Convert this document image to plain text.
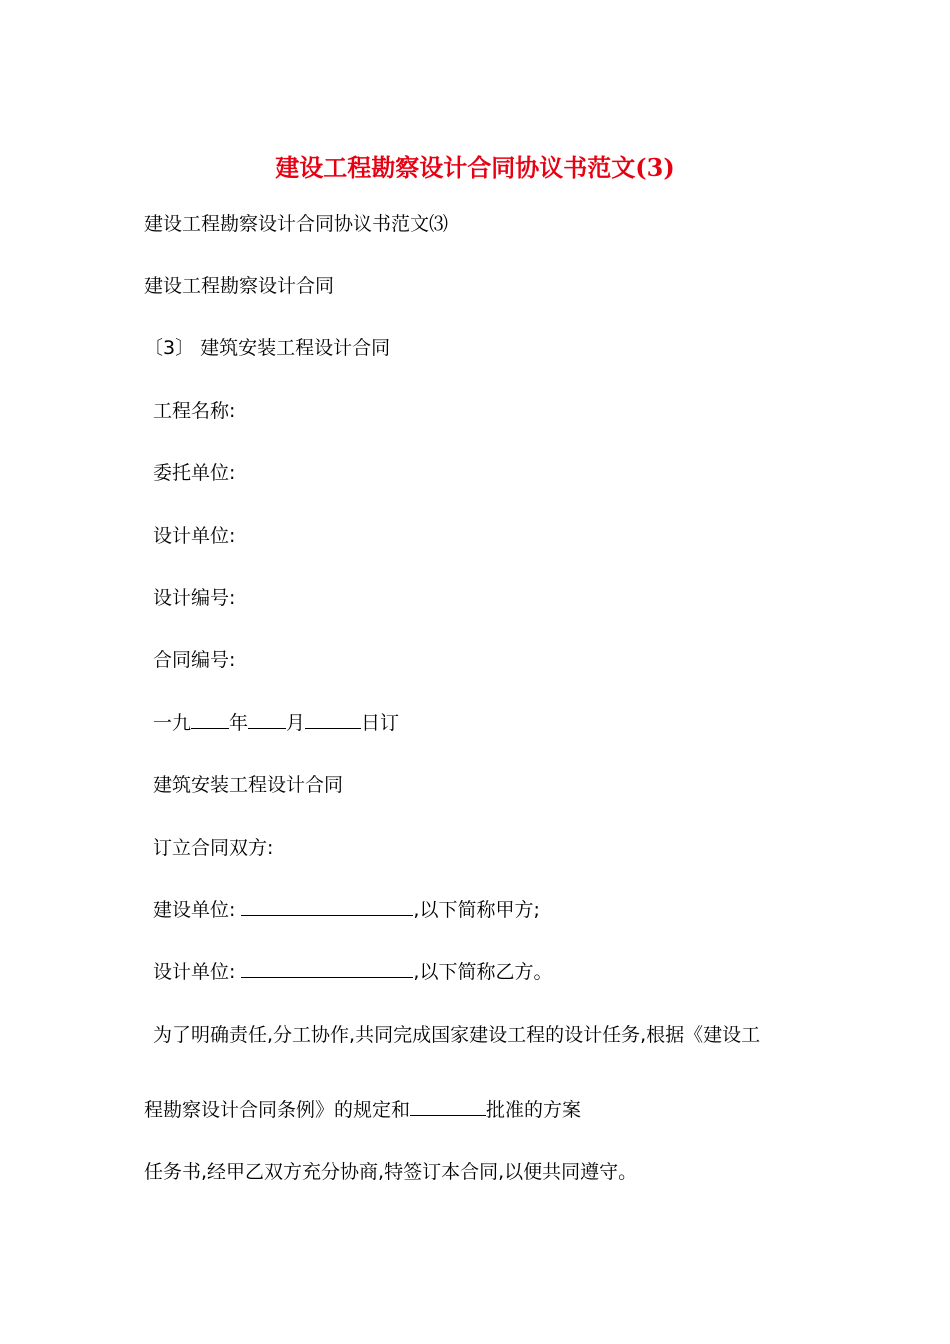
建设工程勘察设计合同协议书范文(3)
建设工程勘察设计合同协议书范文⑶
建设工程勘察设计合同
〔3〕 建筑安装工程设计合同
工程名称:
委托单位:
设计单位:
设计编号:
合同编号:
一九 年 月	日订
建筑安装工程设计合同
订立合同双方:
建设单位:	,以下简称甲方;
设计单位:	,以下简称乙方。
为了明确责任,分工协作,共同完成国家建设工程的设计任务,根据《建设工
程勘察设计合同条例》的规定和	批准的方案
任务书,经甲乙双方充分协商,特签订本合同,以便共同遵守。
